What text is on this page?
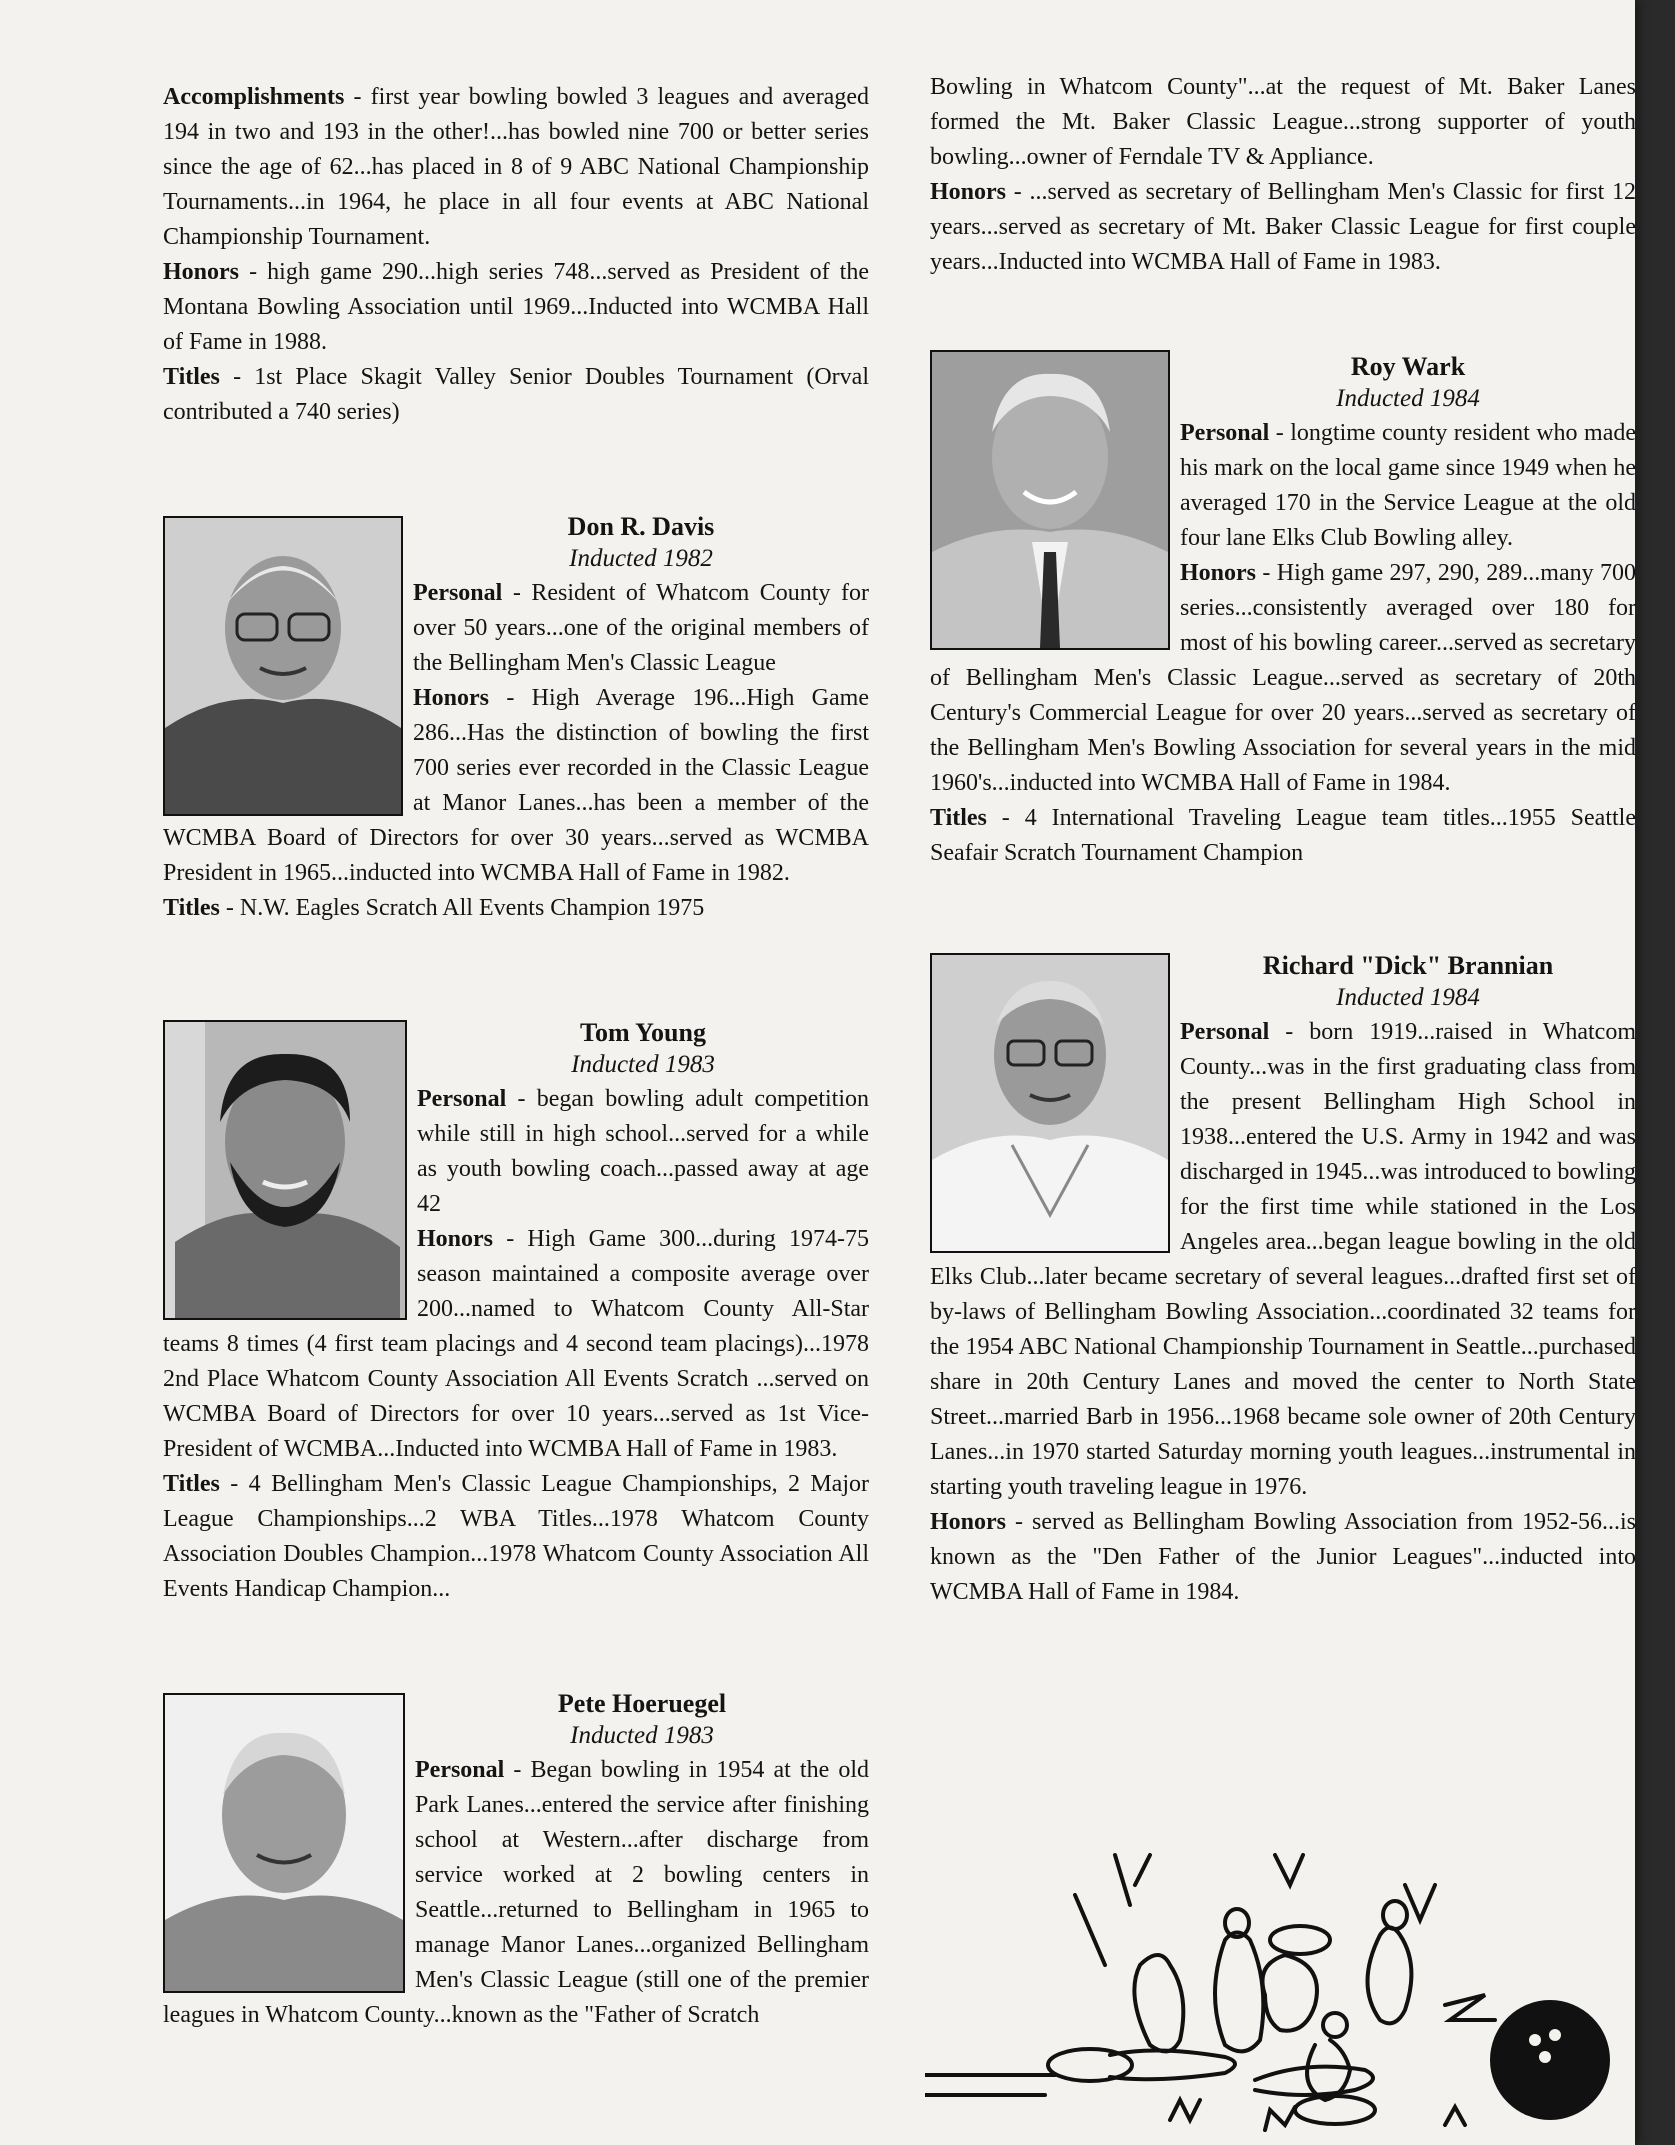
Accomplishments - first year bowling bowled 3 leagues and averaged 194 in two and 193 in the other!...has bowled nine 700 or better series since the age of 62...has placed in 8 of 9 ABC National Championship Tournaments...in 1964, he place in all four events at ABC National Championship Tournament.

Honors - high game 290...high series 748...served as President of the Montana Bowling Association until 1969...Inducted into WCMBA Hall of Fame in 1988.

Titles - 1st Place Skagit Valley Senior Doubles Tournament (Orval contributed a 740 series)

Don R. Davis

Inducted 1982

Personal - Resident of Whatcom County for over 50 years...one of the original members of the Bellingham Men's Classic League

Honors - High Average 196...High Game 286...Has the distinction of bowling the first 700 series ever recorded in the Classic League at Manor Lanes...has been a member of the WCMBA Board of Directors for over 30 years...served as WCMBA President in 1965...inducted into WCMBA Hall of Fame in 1982.

Titles - N.W. Eagles Scratch All Events Champion 1975

Tom Young

Inducted 1983

Personal - began bowling adult competition while still in high school...served for a while as youth bowling coach...passed away at age 42

Honors - High Game 300...during 1974-75 season maintained a composite average over 200...named to Whatcom County All-Star teams 8 times (4 first team placings and 4 second team placings)...1978 2nd Place Whatcom County Association All Events Scratch ...served on WCMBA Board of Directors for over 10 years...served as 1st Vice-President of WCMBA...Inducted into WCMBA Hall of Fame in 1983.

Titles - 4 Bellingham Men's Classic League Championships, 2 Major League Championships...2 WBA Titles...1978 Whatcom County Association Doubles Champion...1978 Whatcom County Association All Events Handicap Champion...

Pete Hoeruegel

Inducted 1983

Personal - Began bowling in 1954 at the old Park Lanes...entered the service after finishing school at Western...after discharge from service worked at 2 bowling centers in Seattle...returned to Bellingham in 1965 to manage Manor Lanes...organized Bellingham Men's Classic League (still one of the premier leagues in Whatcom County...known as the "Father of Scratch

Bowling in Whatcom County"...at the request of Mt. Baker Lanes formed the Mt. Baker Classic League...strong supporter of youth bowling...owner of Ferndale TV & Appliance.

Honors - ...served as secretary of Bellingham Men's Classic for first 12 years...served as secretary of Mt. Baker Classic League for first couple years...Inducted into WCMBA Hall of Fame in 1983.

Roy Wark

Inducted 1984

Personal - longtime county resident who made his mark on the local game since 1949 when he averaged 170 in the Service League at the old four lane Elks Club Bowling alley.

Honors - High game 297, 290, 289...many 700 series...consistently averaged over 180 for most of his bowling career...served as secretary of Bellingham Men's Classic League...served as secretary of 20th Century's Commercial League for over 20 years...served as secretary of the Bellingham Men's Bowling Association for several years in the mid 1960's...inducted into WCMBA Hall of Fame in 1984.

Titles - 4 International Traveling League team titles...1955 Seattle Seafair Scratch Tournament Champion

Richard "Dick" Brannian

Inducted 1984

Personal - born 1919...raised in Whatcom County...was in the first graduating class from the present Bellingham High School in 1938...entered the U.S. Army in 1942 and was discharged in 1945...was introduced to bowling for the first time while stationed in the Los Angeles area...began league bowling in the old Elks Club...later became secretary of several leagues...drafted first set of by-laws of Bellingham Bowling Association...coordinated 32 teams for the 1954 ABC National Championship Tournament in Seattle...purchased share in 20th Century Lanes and moved the center to North State Street...married Barb in 1956...1968 became sole owner of 20th Century Lanes...in 1970 started Saturday morning youth leagues...instrumental in starting youth traveling league in 1976.

Honors - served as Bellingham Bowling Association from 1952-56...is known as the "Den Father of the Junior Leagues"...inducted into WCMBA Hall of Fame in 1984.
